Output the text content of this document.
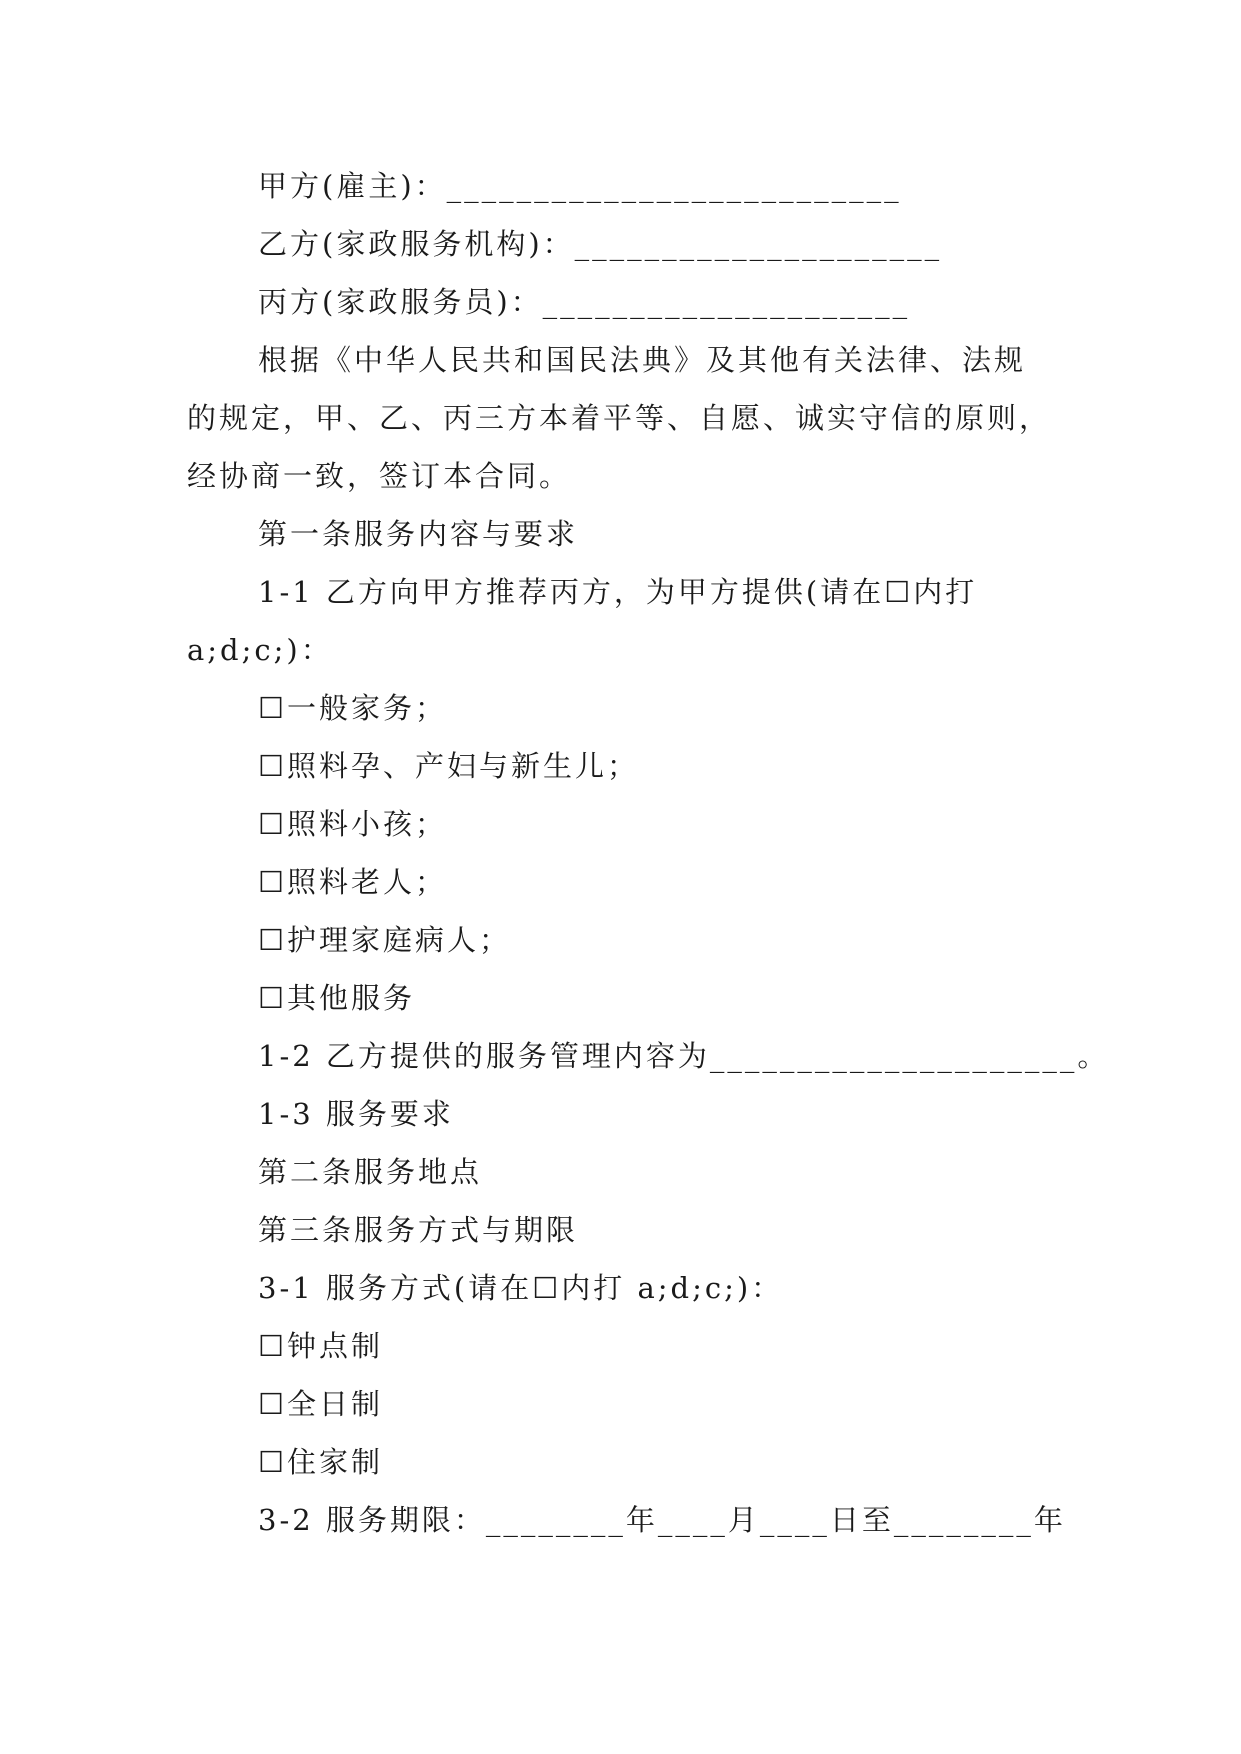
甲方(雇主)：__________________________
乙方(家政服务机构)：_____________________
丙方(家政服务员)：_____________________
根据《中华人民共和国民法典》及其他有关法律、法规
的规定，甲、乙、丙三方本着平等、自愿、诚实守信的原则，
经协商一致，签订本合同。
第一条服务内容与要求
1-1 乙方向甲方推荐丙方，为甲方提供(请在☐内打
a;d;c;)：
☐一般家务；
☐照料孕、产妇与新生儿；
☐照料小孩；
☐照料老人；
☐护理家庭病人；
☐其他服务
1-2 乙方提供的服务管理内容为_____________________。
1-3 服务要求
第二条服务地点
第三条服务方式与期限
3-1 服务方式(请在☐内打 a;d;c;)：
☐钟点制
☐全日制
☐住家制
3-2 服务期限：________年____月____日至________年
